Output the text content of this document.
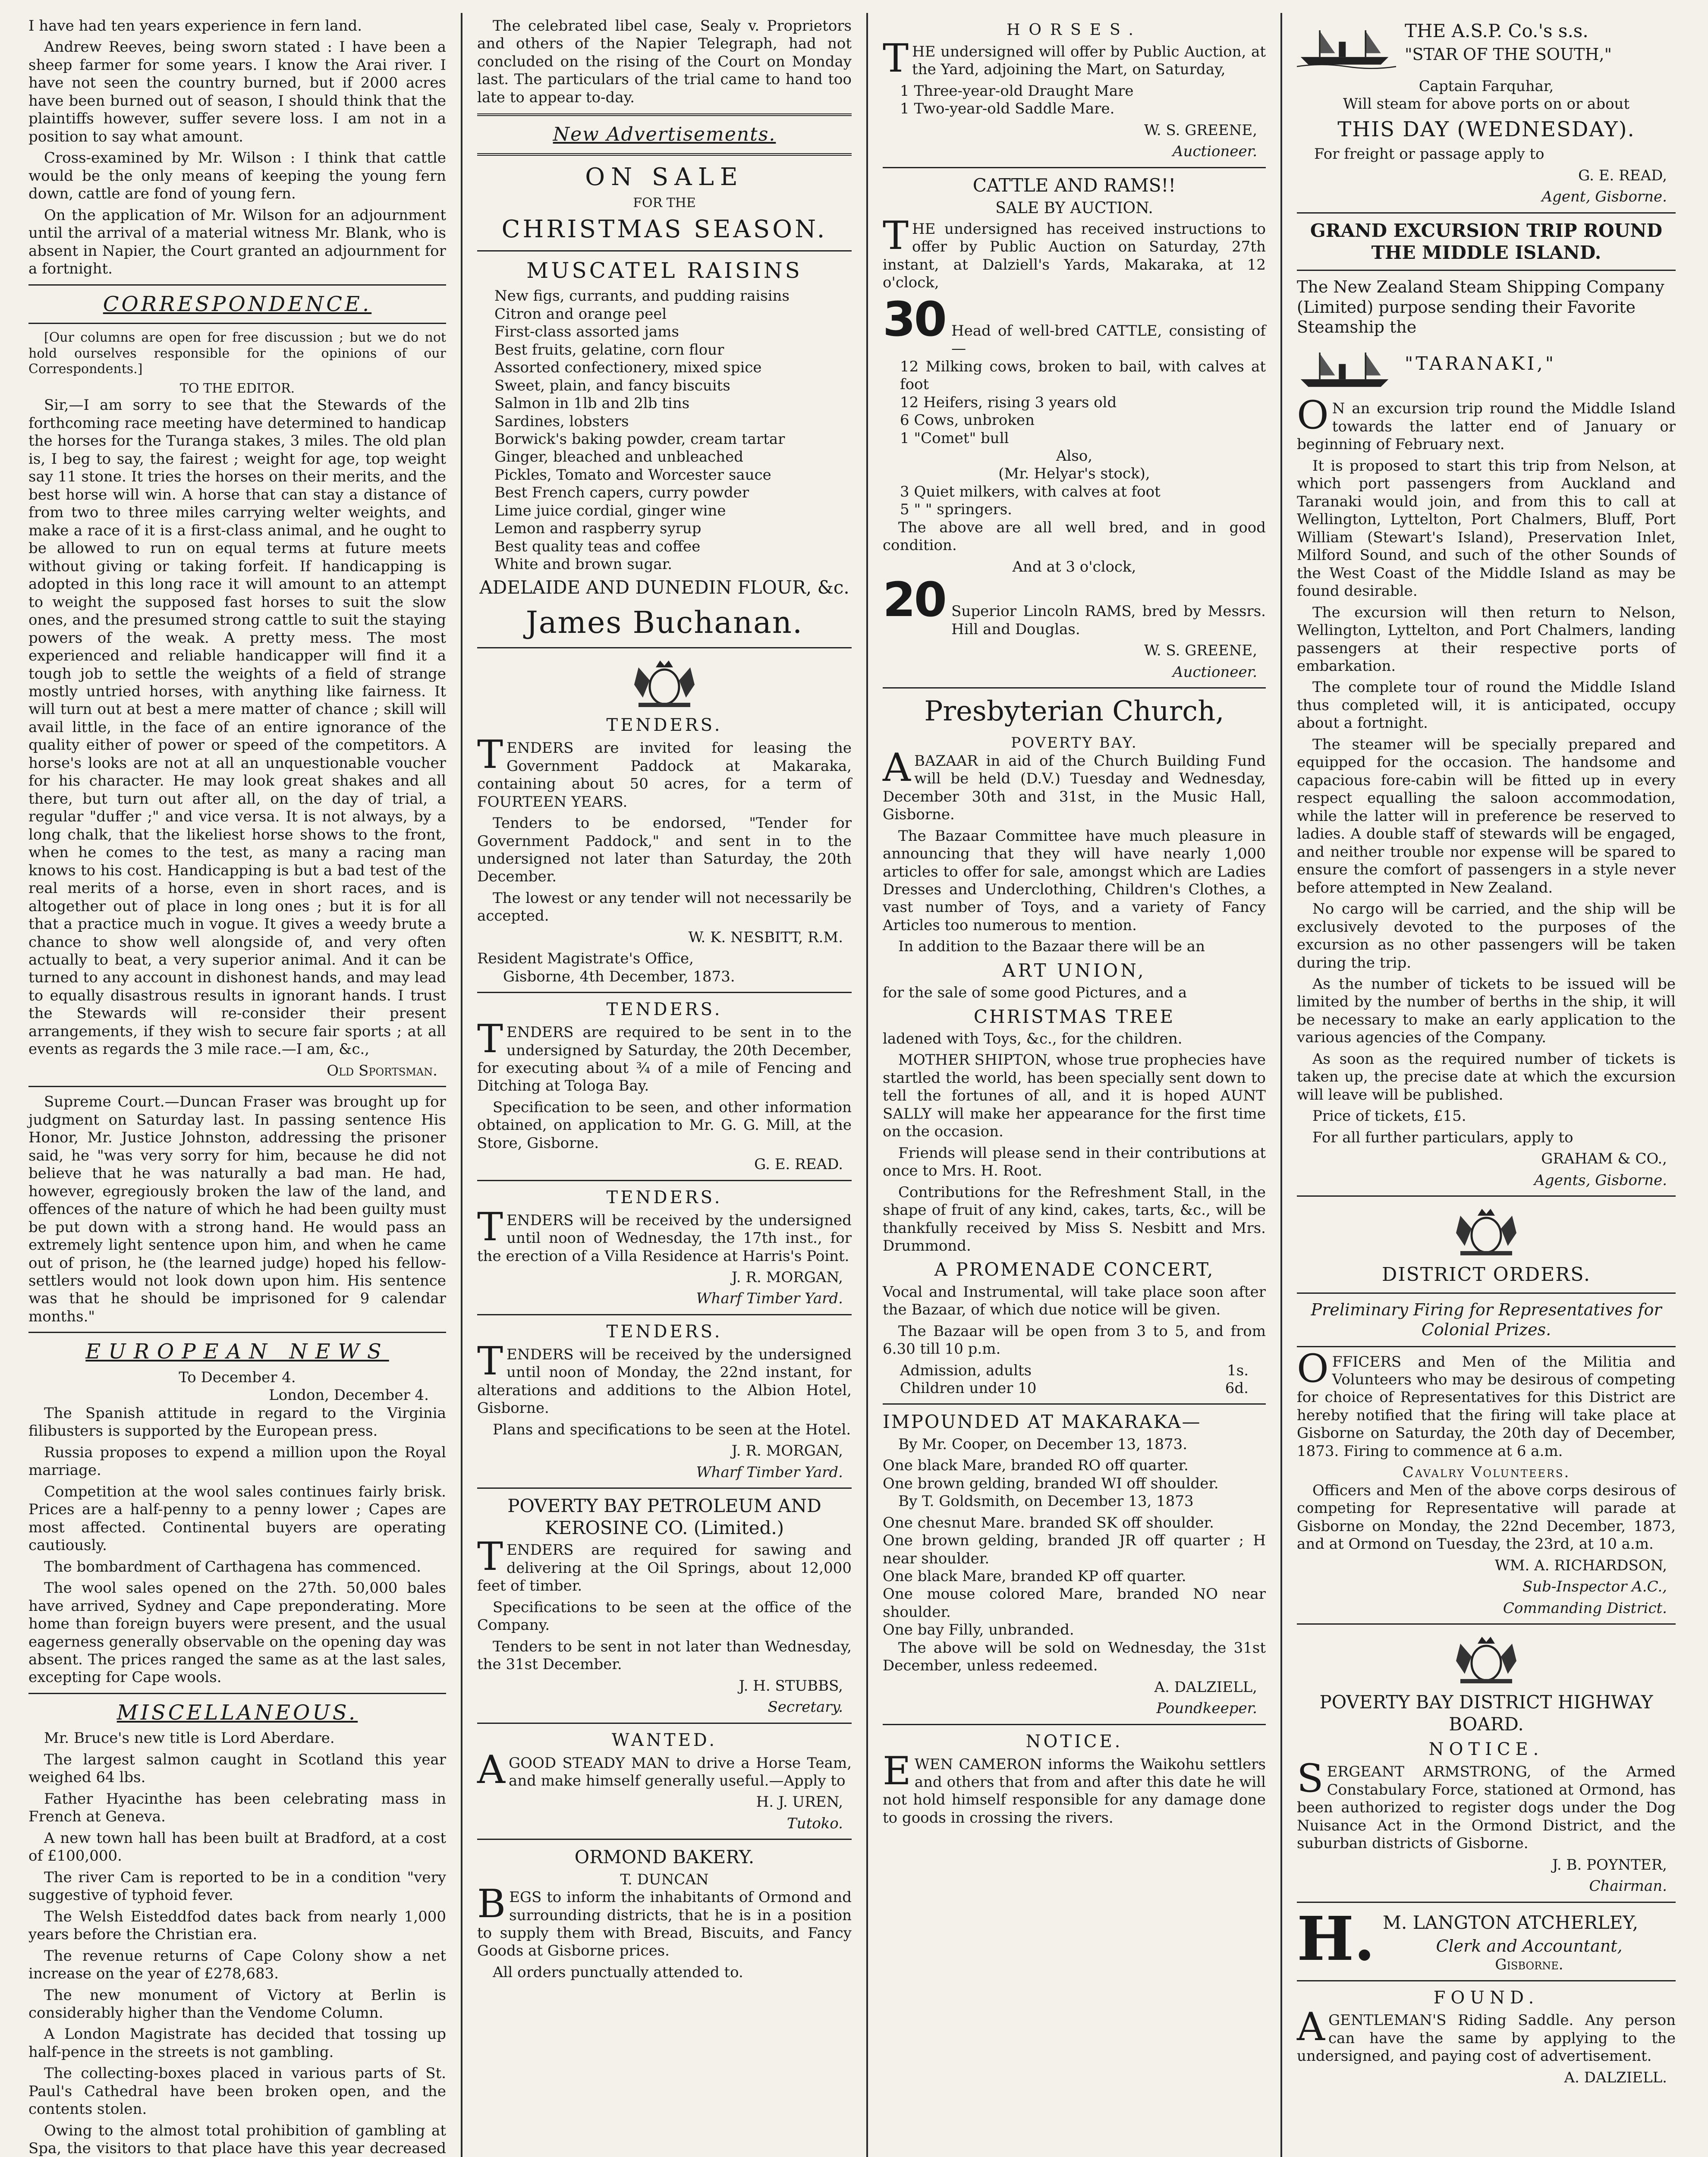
I have had ten years experience in fern land.

Andrew Reeves, being sworn stated : I have been a sheep farmer for some years. I know the Arai river. I have not seen the country burned, but if 2000 acres have been burned out of season, I should think that the plaintiffs however, suffer severe loss. I am not in a position to say what amount.

Cross-examined by Mr. Wilson : I think that cattle would be the only means of keeping the young fern down, cattle are fond of young fern.

On the application of Mr. Wilson for an adjournment until the arrival of a material witness Mr. Blank, who is absent in Napier, the Court granted an adjournment for a fortnight.

CORRESPONDENCE.

[Our columns are open for free discussion ; but we do not hold ourselves responsible for the opinions of our Correspondents.]

TO THE EDITOR.

Sir,—I am sorry to see that the Stewards of the forthcoming race meeting have determined to handicap the horses for the Turanga stakes, 3 miles. The old plan is, I beg to say, the fairest ; weight for age, top weight say 11 stone. It tries the horses on their merits, and the best horse will win. A horse that can stay a distance of from two to three miles carrying welter weights, and make a race of it is a first-class animal, and he ought to be allowed to run on equal terms at future meets without giving or taking forfeit. If handicapping is adopted in this long race it will amount to an attempt to weight the supposed fast horses to suit the slow ones, and the presumed strong cattle to suit the staying powers of the weak. A pretty mess. The most experienced and reliable handicapper will find it a tough job to settle the weights of a field of strange mostly untried horses, with anything like fairness. It will turn out at best a mere matter of chance ; skill will avail little, in the face of an entire ignorance of the quality either of power or speed of the competitors. A horse's looks are not at all an unquestionable voucher for his character. He may look great shakes and all there, but turn out after all, on the day of trial, a regular "duffer ;" and vice versa. It is not always, by a long chalk, that the likeliest horse shows to the front, when he comes to the test, as many a racing man knows to his cost. Handicapping is but a bad test of the real merits of a horse, even in short races, and is altogether out of place in long ones ; but it is for all that a practice much in vogue. It gives a weedy brute a chance to show well alongside of, and very often actually to beat, a very superior animal. And it can be turned to any account in dishonest hands, and may lead to equally disastrous results in ignorant hands. I trust the Stewards will re-consider their present arrangements, if they wish to secure fair sports ; at all events as regards the 3 mile race.—I am, &c.,

Old Sportsman.

Supreme Court.—Duncan Fraser was brought up for judgment on Saturday last. In passing sentence His Honor, Mr. Justice Johnston, addressing the prisoner said, he "was very sorry for him, because he did not believe that he was naturally a bad man. He had, however, egregiously broken the law of the land, and offences of the nature of which he had been guilty must be put down with a strong hand. He would pass an extremely light sentence upon him, and when he came out of prison, he (the learned judge) hoped his fellow-settlers would not look down upon him. His sentence was that he should be imprisoned for 9 calendar months."

EUROPEAN NEWS
To December 4.
London, December 4.

The Spanish attitude in regard to the Virginia filibusters is supported by the European press.

Russia proposes to expend a million upon the Royal marriage.

Competition at the wool sales continues fairly brisk. Prices are a half-penny to a penny lower ; Capes are most affected. Continental buyers are operating cautiously.

The bombardment of Carthagena has commenced.

The wool sales opened on the 27th. 50,000 bales have arrived, Sydney and Cape preponderating. More home than foreign buyers were present, and the usual eagerness generally observable on the opening day was absent. The prices ranged the same as at the last sales, excepting for Cape wools.

MISCELLANEOUS.

Mr. Bruce's new title is Lord Aberdare.

The largest salmon caught in Scotland this year weighed 64 lbs.

Father Hyacinthe has been celebrating mass in French at Geneva.

A new town hall has been built at Bradford, at a cost of £100,000.

The river Cam is reported to be in a condition "very suggestive of typhoid fever.

The Welsh Eisteddfod dates back from nearly 1,000 years before the Christian era.

The revenue returns of Cape Colony show a net increase on the year of £278,683.

The new monument of Victory at Berlin is considerably higher than the Vendome Column.

A London Magistrate has decided that tossing up half-pence in the streets is not gambling.

The collecting-boxes placed in various parts of St. Paul's Cathedral have been broken open, and the contents stolen.

Owing to the almost total prohibition of gambling at Spa, the visitors to that place have this year decreased

The celebrated libel case, Sealy v. Proprietors and others of the Napier Telegraph, had not concluded on the rising of the Court on Monday last. The particulars of the trial came to hand too late to appear to-day.

New Advertisements.
ON SALE
FOR THE
CHRISTMAS SEASON.
MUSCATEL RAISINS
New figs, currants, and pudding raisins
Citron and orange peel
First-class assorted jams
Best fruits, gelatine, corn flour
Assorted confectionery, mixed spice
Sweet, plain, and fancy biscuits
Salmon in 1lb and 2lb tins
Sardines, lobsters
Borwick's baking powder, cream tartar
Ginger, bleached and unbleached
Pickles, Tomato and Worcester sauce
Best French capers, curry powder
Lime juice cordial, ginger wine
Lemon and raspberry syrup
Best quality teas and coffee
White and brown sugar.
ADELAIDE AND DUNEDIN FLOUR, &c.
James Buchanan.
TENDERS.

TENDERS are invited for leasing the Government Paddock at Makaraka, containing about 50 acres, for a term of FOURTEEN YEARS.

Tenders to be endorsed, "Tender for Government Paddock," and sent in to the undersigned not later than Saturday, the 20th December.

The lowest or any tender will not necessarily be accepted.

W. K. NESBITT, R.M.
Resident Magistrate's Office,
Gisborne, 4th December, 1873.
TENDERS.

TENDERS are required to be sent in to the undersigned by Saturday, the 20th December, for executing about ¾ of a mile of Fencing and Ditching at Tologa Bay.

Specification to be seen, and other information obtained, on application to Mr. G. G. Mill, at the Store, Gisborne.

G. E. READ.
TENDERS.

TENDERS will be received by the undersigned until noon of Wednesday, the 17th inst., for the erection of a Villa Residence at Harris's Point.

J. R. MORGAN,
Wharf Timber Yard.
TENDERS.

TENDERS will be received by the undersigned until noon of Monday, the 22nd instant, for alterations and additions to the Albion Hotel, Gisborne.

Plans and specifications to be seen at the Hotel.

J. R. MORGAN,
Wharf Timber Yard.
POVERTY BAY PETROLEUM AND KEROSINE CO. (Limited.)

TENDERS are required for sawing and delivering at the Oil Springs, about 12,000 feet of timber.

Specifications to be seen at the office of the Company.

Tenders to be sent in not later than Wednesday, the 31st December.

J. H. STUBBS,
Secretary.
WANTED.

AGOOD STEADY MAN to drive a Horse Team, and make himself generally useful.—Apply to

H. J. UREN,
Tutoko.
ORMOND BAKERY.
T. DUNCAN

BEGS to inform the inhabitants of Ormond and surrounding districts, that he is in a position to supply them with Bread, Biscuits, and Fancy Goods at Gisborne prices.

All orders punctually attended to.

HORSES.

THE undersigned will offer by Public Auction, at the Yard, adjoining the Mart, on Saturday,

1 Three-year-old Draught Mare
1 Two-year-old Saddle Mare.
W. S. GREENE,
Auctioneer.
CATTLE AND RAMS!!
SALE BY AUCTION.

THE undersigned has received instructions to offer by Public Auction on Saturday, 27th instant, at Dalziell's Yards, Makaraka, at 12 o'clock,

30 Head of well-bred CATTLE, consisting of—
12 Milking cows, broken to bail, with calves at foot
12 Heifers, rising 3 years old
6 Cows, unbroken
1 "Comet" bull
Also,
(Mr. Helyar's stock),
3 Quiet milkers, with calves at foot
5 " " springers.

The above are all well bred, and in good condition.

And at 3 o'clock,
20 Superior Lincoln RAMS, bred by Messrs. Hill and Douglas.
W. S. GREENE,
Auctioneer.
Presbyterian Church,
POVERTY BAY.

ABAZAAR in aid of the Church Building Fund will be held (D.V.) Tuesday and Wednesday, December 30th and 31st, in the Music Hall, Gisborne.

The Bazaar Committee have much pleasure in announcing that they will have nearly 1,000 articles to offer for sale, amongst which are Ladies Dresses and Underclothing, Children's Clothes, a vast number of Toys, and a variety of Fancy Articles too numerous to mention.

In addition to the Bazaar there will be an

ART UNION,

for the sale of some good Pictures, and a

CHRISTMAS TREE

ladened with Toys, &c., for the children.

MOTHER SHIPTON, whose true prophecies have startled the world, has been specially sent down to tell the fortunes of all, and it is hoped AUNT SALLY will make her appearance for the first time on the occasion.

Friends will please send in their contributions at once to Mrs. H. Root.

Contributions for the Refreshment Stall, in the shape of fruit of any kind, cakes, tarts, &c., will be thankfully received by Miss S. Nesbitt and Mrs. Drummond.

A PROMENADE CONCERT,

Vocal and Instrumental, will take place soon after the Bazaar, of which due notice will be given.

The Bazaar will be open from 3 to 5, and from 6.30 till 10 p.m.

Admission, adults	1s.
Children under 10	6d.
IMPOUNDED AT MAKARAKA—

By Mr. Cooper, on December 13, 1873.

One black Mare, branded RO off quarter.
One brown gelding, branded WI off shoulder.

By T. Goldsmith, on December 13, 1873

One chesnut Mare. branded SK off shoulder.
One brown gelding, branded JR off quarter ; H near shoulder.
One black Mare, branded KP off quarter.
One mouse colored Mare, branded NO near shoulder.
One bay Filly, unbranded.

The above will be sold on Wednesday, the 31st December, unless redeemed.

A. DALZIELL,
Poundkeeper.
NOTICE.

EWEN CAMERON informs the Waikohu settlers and others that from and after this date he will not hold himself responsible for any damage done to goods in crossing the rivers.

THE A.S.P. Co.'s s.s.
"STAR OF THE SOUTH,"
Captain Farquhar,
Will steam for above ports on or about
THIS DAY (WEDNESDAY).
For freight or passage apply to
G. E. READ,
Agent, Gisborne.
GRAND EXCURSION TRIP ROUND THE MIDDLE ISLAND.
The New Zealand Steam Shipping Company (Limited) purpose sending their Favorite Steamship the
"TARANAKI,"

ON an excursion trip round the Middle Island towards the latter end of January or beginning of February next.

It is proposed to start this trip from Nelson, at which port passengers from Auckland and Taranaki would join, and from this to call at Wellington, Lyttelton, Port Chalmers, Bluff, Port William (Stewart's Island), Preservation Inlet, Milford Sound, and such of the other Sounds of the West Coast of the Middle Island as may be found desirable.

The excursion will then return to Nelson, Wellington, Lyttelton, and Port Chalmers, landing passengers at their respective ports of embarkation.

The complete tour of round the Middle Island thus completed will, it is anticipated, occupy about a fortnight.

The steamer will be specially prepared and equipped for the occasion. The handsome and capacious fore-cabin will be fitted up in every respect equalling the saloon accommodation, while the latter will in preference be reserved to ladies. A double staff of stewards will be engaged, and neither trouble nor expense will be spared to ensure the comfort of passengers in a style never before attempted in New Zealand.

No cargo will be carried, and the ship will be exclusively devoted to the purposes of the excursion as no other passengers will be taken during the trip.

As the number of tickets to be issued will be limited by the number of berths in the ship, it will be necessary to make an early application to the various agencies of the Company.

As soon as the required number of tickets is taken up, the precise date at which the excursion will leave will be published.

Price of tickets, £15.

For all further particulars, apply to

GRAHAM & CO.,
Agents, Gisborne.
DISTRICT ORDERS.
Preliminary Firing for Representatives for Colonial Prizes.

OFFICERS and Men of the Militia and Volunteers who may be desirous of competing for choice of Representatives for this District are hereby notified that the firing will take place at Gisborne on Saturday, the 20th day of December, 1873. Firing to commence at 6 a.m.

Cavalry Volunteers.

Officers and Men of the above corps desirous of competing for Representative will parade at Gisborne on Monday, the 22nd December, 1873, and at Ormond on Tuesday, the 23rd, at 10 a.m.

WM. A. RICHARDSON,
Sub-Inspector A.C.,
Commanding District.
POVERTY BAY DISTRICT HIGHWAY BOARD.
NOTICE.

SERGEANT ARMSTRONG, of the Armed Constabulary Force, stationed at Ormond, has been authorized to register dogs under the Dog Nuisance Act in the Ormond District, and the suburban districts of Gisborne.

J. B. POYNTER,
Chairman.
H. M. LANGTON ATCHERLEY,
Clerk and Accountant,
Gisborne.
FOUND.

AGENTLEMAN'S Riding Saddle. Any person can have the same by applying to the undersigned, and paying cost of advertisement.

A. DALZIELL.
